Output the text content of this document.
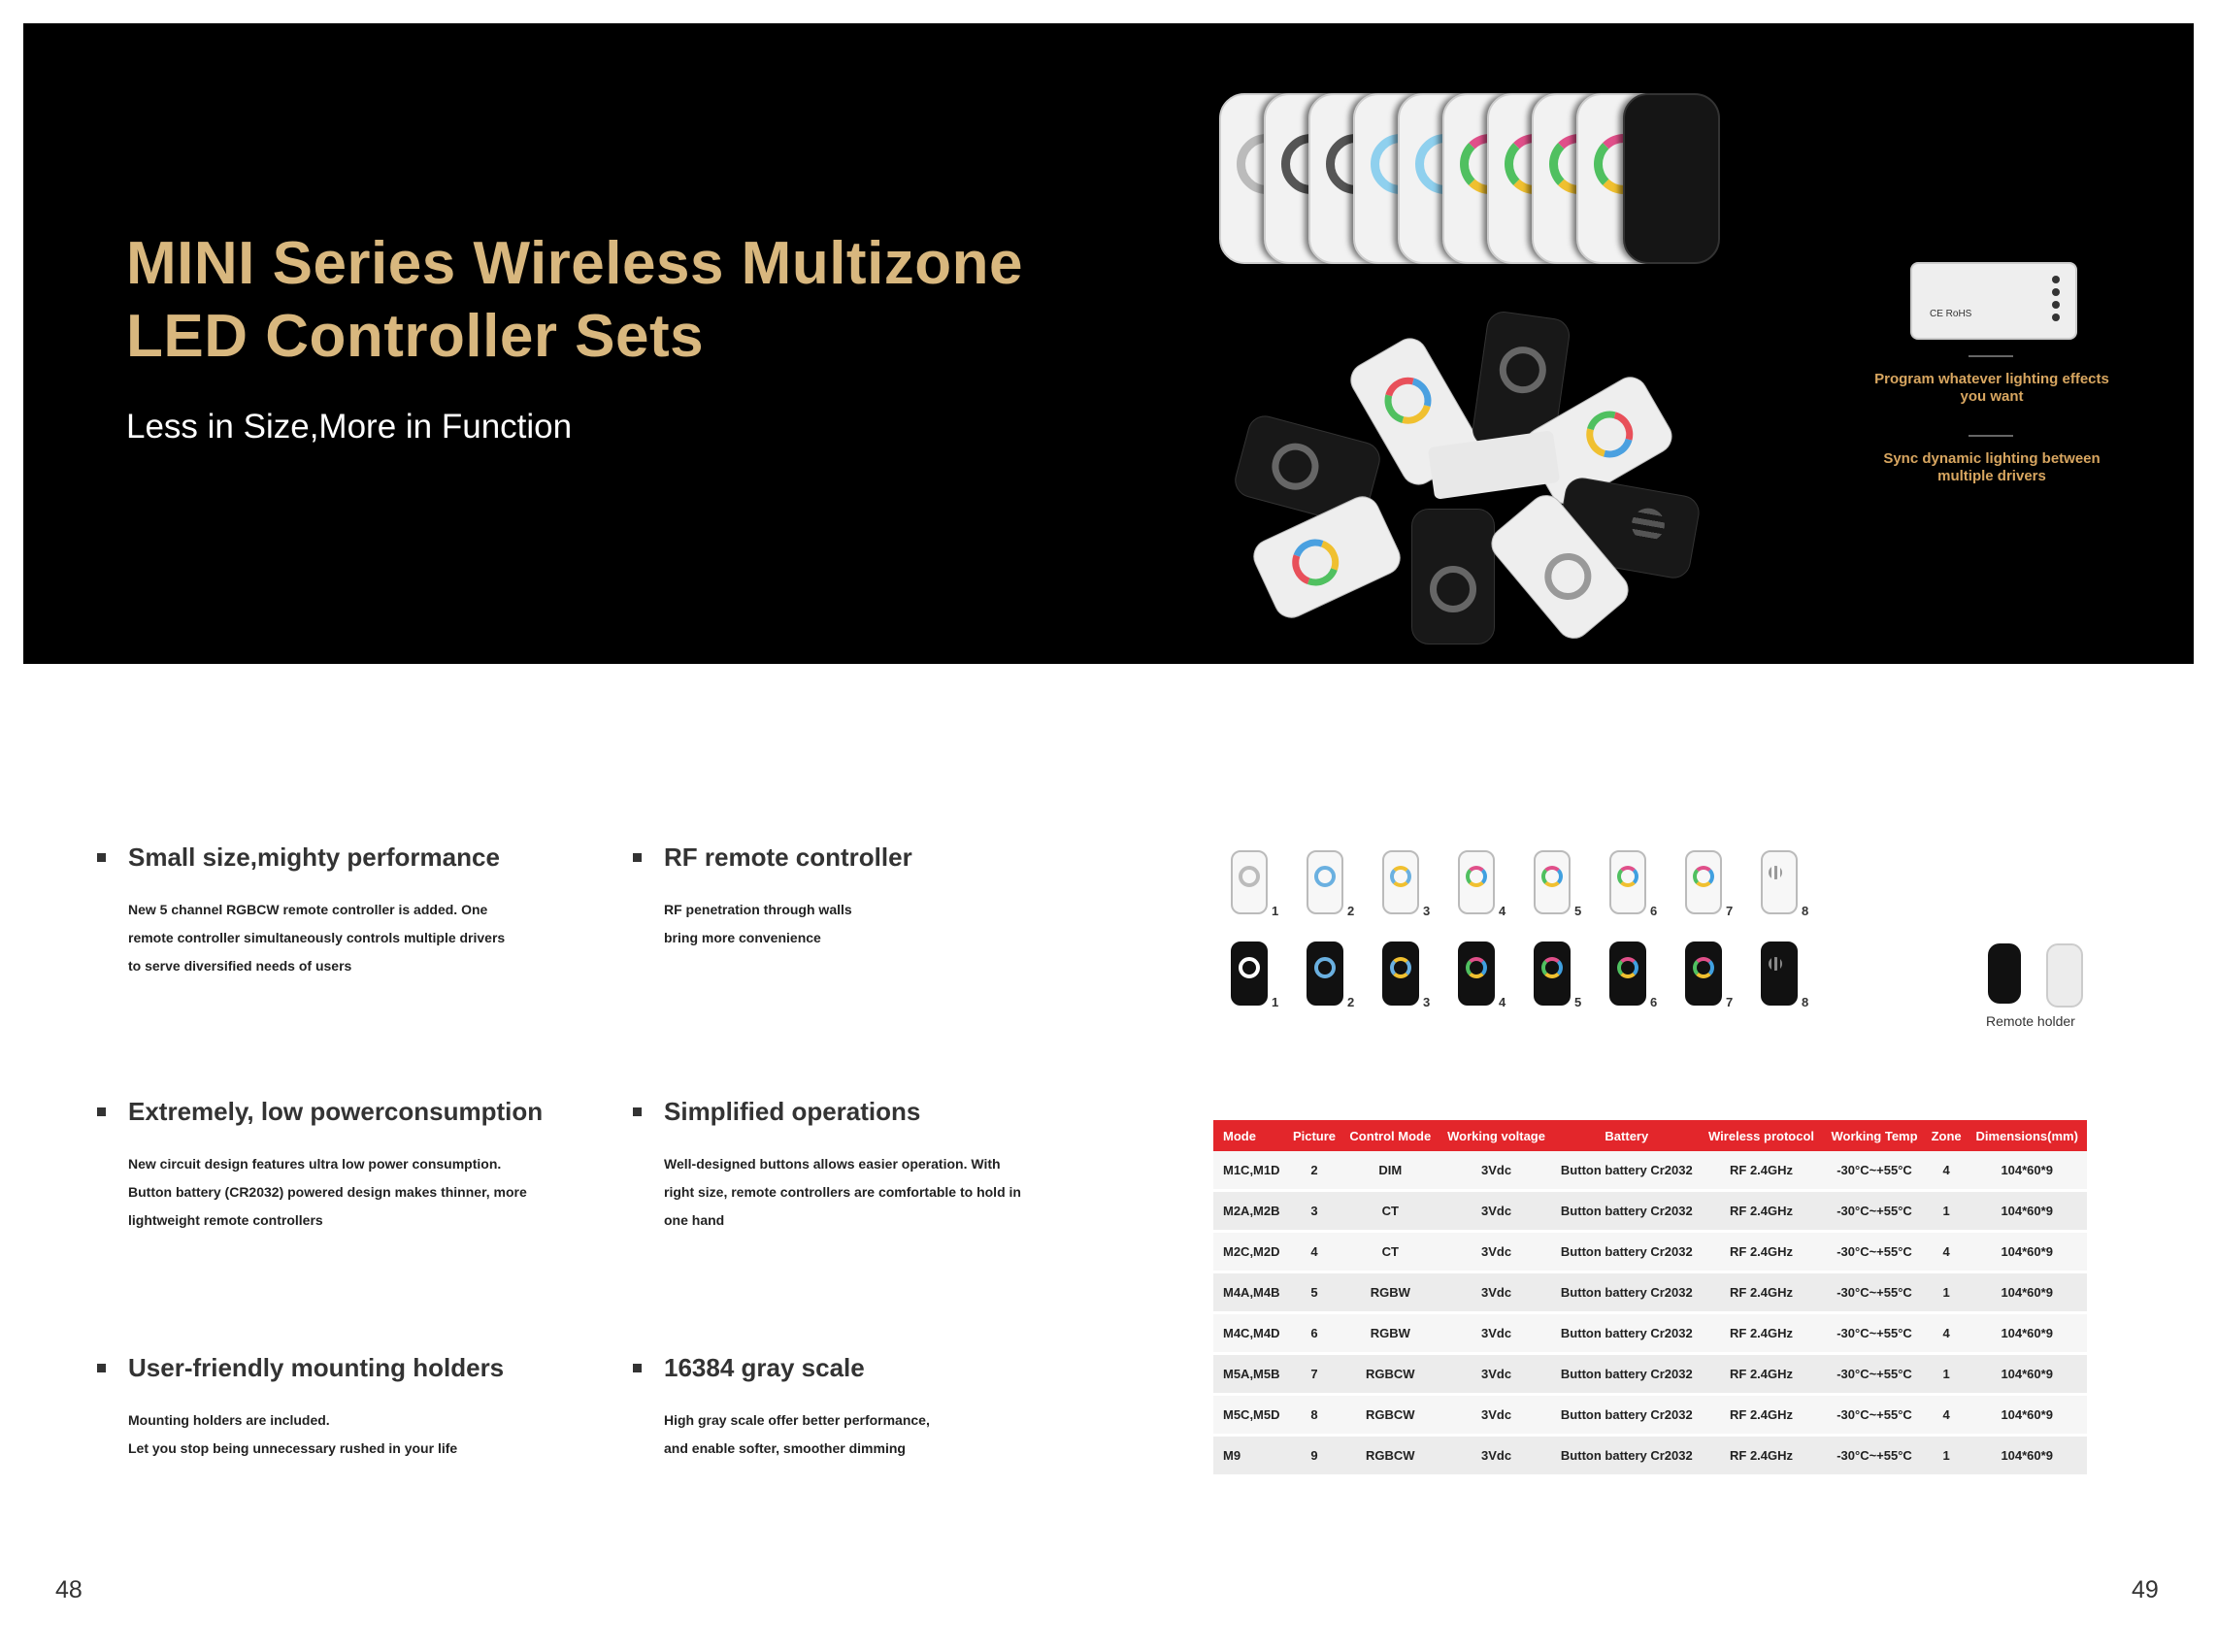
MINI Series Wireless Multizone
LED Controller Sets
Less in Size,More in Function
CE RoHS
Program whatever lighting effects you want
Sync dynamic lighting between multiple drivers
Small size,mighty performance

New 5 channel RGBCW remote controller is added. One
remote controller simultaneously controls multiple drivers
to serve diversified needs of users

RF remote controller

RF penetration through walls
bring more convenience

Extremely, low powerconsumption

New circuit design features ultra low power consumption.
Button battery (CR2032) powered design makes thinner, more
lightweight remote controllers

Simplified operations

Well-designed buttons allows easier operation. With
right size, remote controllers are comfortable to hold in
one hand

User-friendly mounting holders

Mounting holders are included.
Let you stop being unnecessary rushed in your life

16384 gray scale

High gray scale offer better performance,
and enable softer, smoother dimming

1	2	3	4	5	6	7	8
1	2	3	4	5	6	7	8
Remote holder
Mode	Picture	Control Mode	Working voltage	Battery	Wireless protocol	Working Temp	Zone	Dimensions(mm)
M1C,M1D	2	DIM	3Vdc	Button battery Cr2032	RF 2.4GHz	-30°C~+55°C	4	104*60*9
M2A,M2B	3	CT	3Vdc	Button battery Cr2032	RF 2.4GHz	-30°C~+55°C	1	104*60*9
M2C,M2D	4	CT	3Vdc	Button battery Cr2032	RF 2.4GHz	-30°C~+55°C	4	104*60*9
M4A,M4B	5	RGBW	3Vdc	Button battery Cr2032	RF 2.4GHz	-30°C~+55°C	1	104*60*9
M4C,M4D	6	RGBW	3Vdc	Button battery Cr2032	RF 2.4GHz	-30°C~+55°C	4	104*60*9
M5A,M5B	7	RGBCW	3Vdc	Button battery Cr2032	RF 2.4GHz	-30°C~+55°C	1	104*60*9
M5C,M5D	8	RGBCW	3Vdc	Button battery Cr2032	RF 2.4GHz	-30°C~+55°C	4	104*60*9
M9	9	RGBCW	3Vdc	Button battery Cr2032	RF 2.4GHz	-30°C~+55°C	1	104*60*9
48	49
